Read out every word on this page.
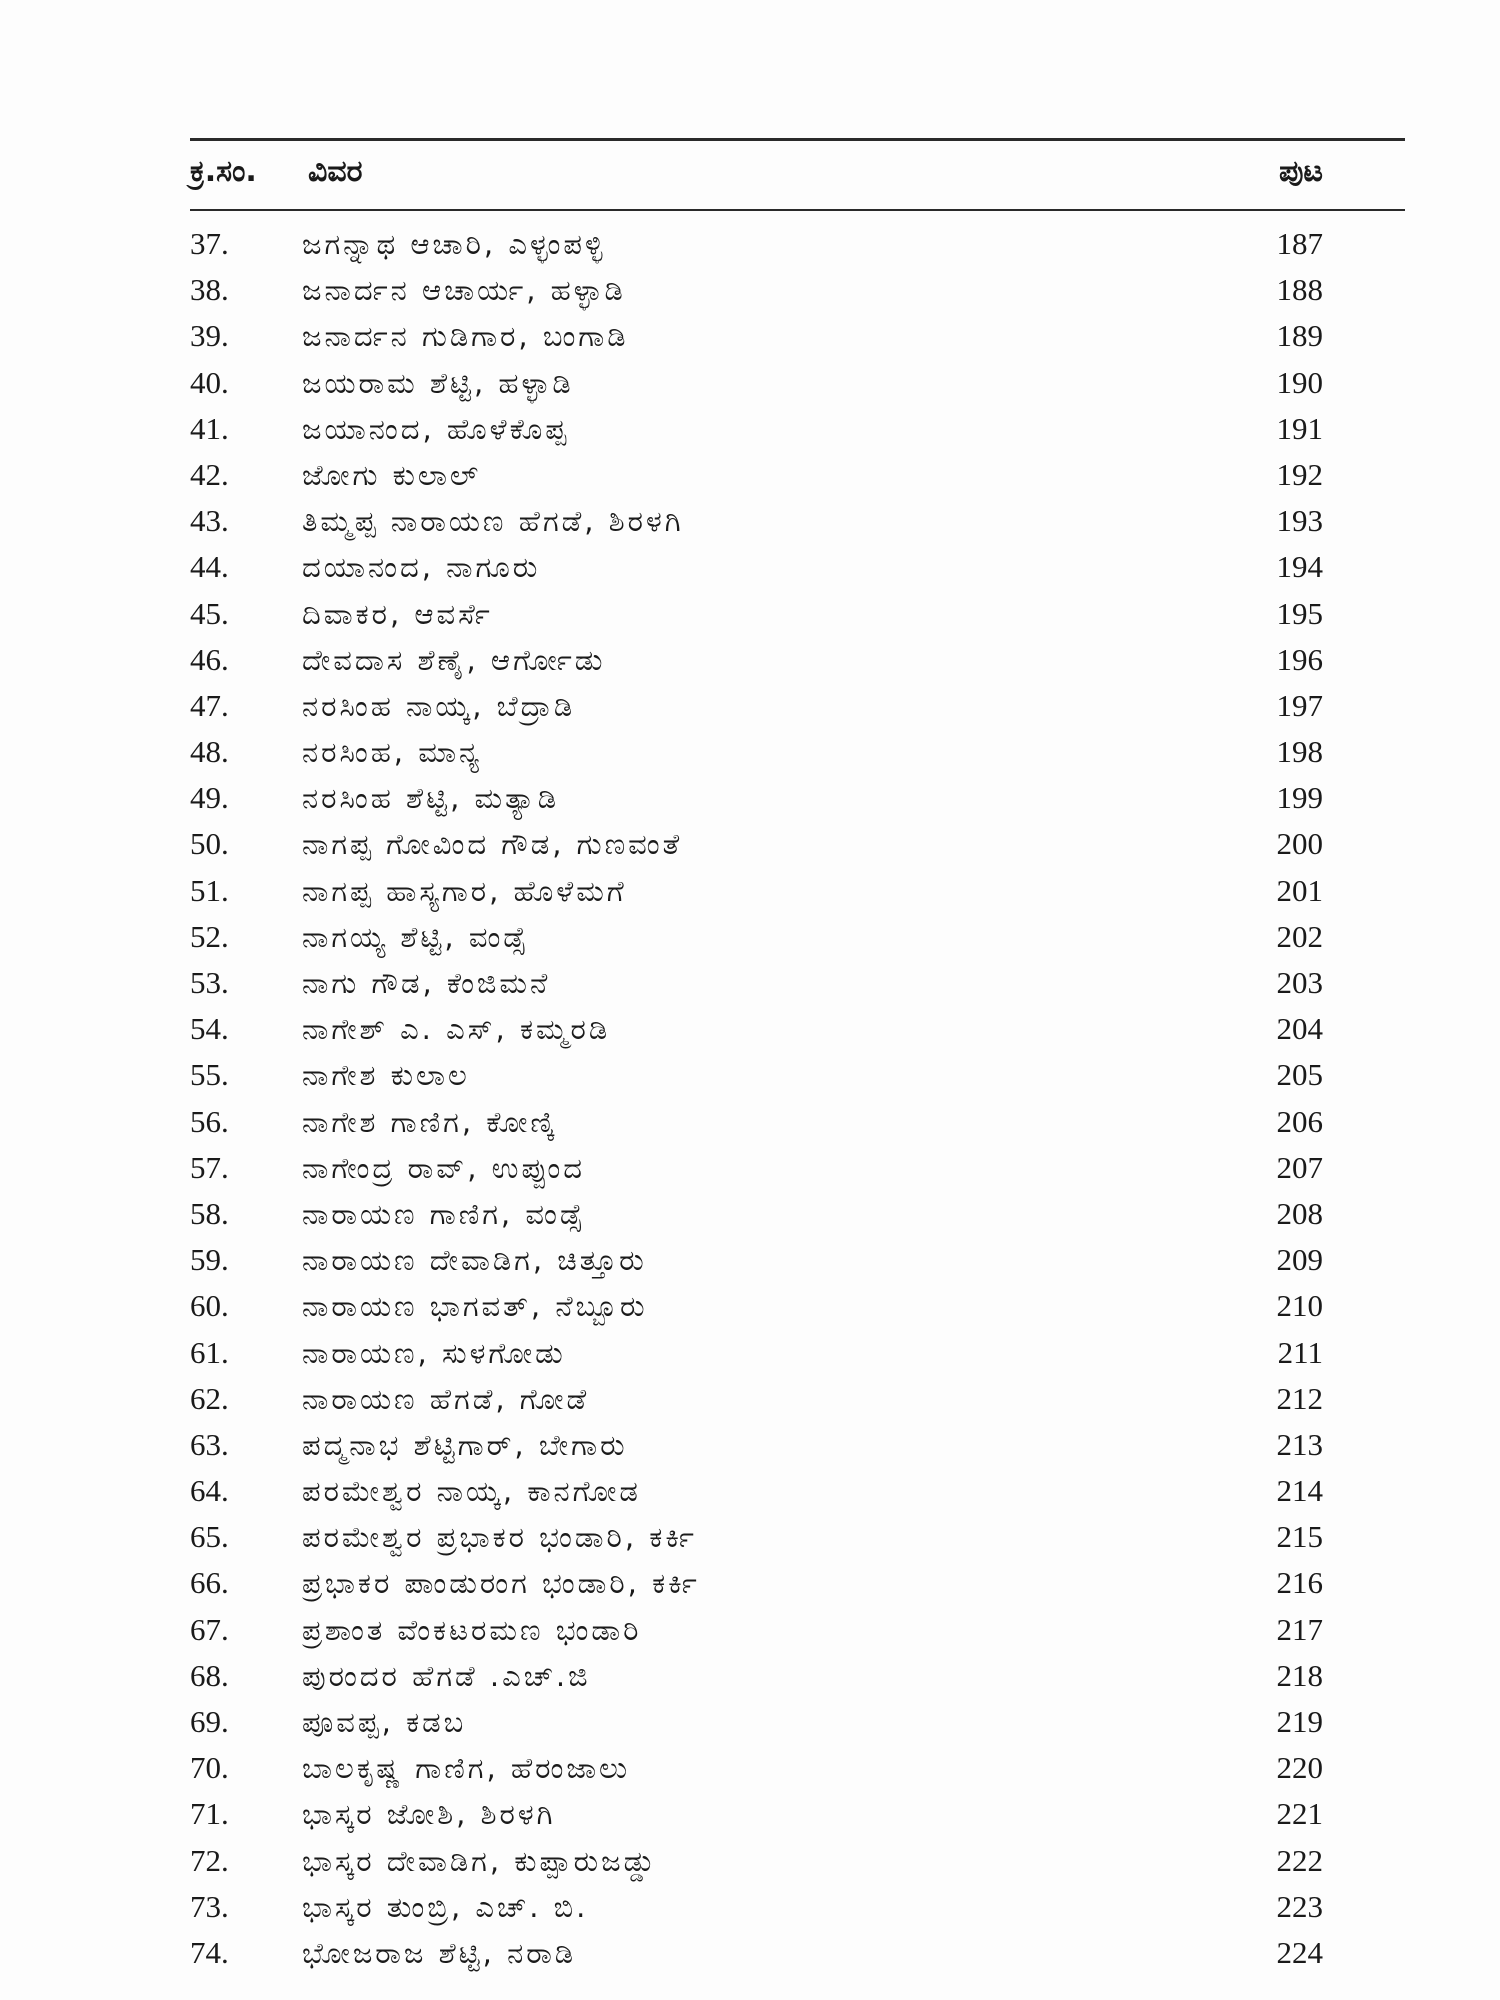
ಕ್ರ.ಸಂ. ವಿವರ	ಪುಟ
37.	ಜಗನ್ನಾಥ ಆಚಾರಿ, ಎಳ್ಳಂಪಳ್ಳಿ	187
38.	ಜನಾರ್ದನ ಆಚಾರ್ಯ, ಹಳ್ಳಾಡಿ	188
39.	ಜನಾರ್ದನ ಗುಡಿಗಾರ, ಬಂಗಾಡಿ	189
40.	ಜಯರಾಮ ಶೆಟ್ಟಿ, ಹಳ್ಳಾಡಿ	190
41.	ಜಯಾನಂದ, ಹೊಳೆಕೊಪ್ಪ	191
42.	ಜೋಗು ಕುಲಾಲ್	192
43.	ತಿಮ್ಮಪ್ಪ ನಾರಾಯಣ ಹೆಗಡೆ, ಶಿರಳಗಿ	193
44.	ದಯಾನಂದ, ನಾಗೂರು	194
45.	ದಿವಾಕರ, ಆವರ್ಸೆ	195
46.	ದೇವದಾಸ ಶೆಣೈ, ಆರ್ಗೋಡು	196
47.	ನರಸಿಂಹ ನಾಯ್ಕ, ಬೆದ್ರಾಡಿ	197
48.	ನರಸಿಂಹ, ಮಾನ್ಯ	198
49.	ನರಸಿಂಹ ಶೆಟ್ಟಿ, ಮತ್ಯಾಡಿ	199
50.	ನಾಗಪ್ಪ ಗೋವಿಂದ ಗೌಡ, ಗುಣವಂತೆ	200
51.	ನಾಗಪ್ಪ ಹಾಸ್ಯಗಾರ, ಹೊಳೆಮಗೆ	201
52.	ನಾಗಯ್ಯ ಶೆಟ್ಟಿ, ವಂಡ್ಸೆ	202
53.	ನಾಗು ಗೌಡ, ಕೆಂಜಿಮನೆ	203
54.	ನಾಗೇಶ್ ಎ. ಎಸ್, ಕಮ್ಮರಡಿ	204
55.	ನಾಗೇಶ ಕುಲಾಲ	205
56.	ನಾಗೇಶ ಗಾಣಿಗ, ಕೋಣ್ಕಿ	206
57.	ನಾಗೇಂದ್ರ ರಾವ್, ಉಪ್ಪುಂದ	207
58.	ನಾರಾಯಣ ಗಾಣಿಗ, ವಂಡ್ಸೆ	208
59.	ನಾರಾಯಣ ದೇವಾಡಿಗ, ಚಿತ್ತೂರು	209
60.	ನಾರಾಯಣ ಭಾಗವತ್, ನೆಬ್ಬೂರು	210
61.	ನಾರಾಯಣ, ಸುಳಗೋಡು	211
62.	ನಾರಾಯಣ ಹೆಗಡೆ, ಗೋಡೆ	212
63.	ಪದ್ಮನಾಭ ಶೆಟ್ಟಿಗಾರ್, ಬೇಗಾರು	213
64.	ಪರಮೇಶ್ವರ ನಾಯ್ಕ, ಕಾನಗೋಡ	214
65.	ಪರಮೇಶ್ವರ ಪ್ರಭಾಕರ ಭಂಡಾರಿ, ಕರ್ಕಿ	215
66.	ಪ್ರಭಾಕರ ಪಾಂಡುರಂಗ ಭಂಡಾರಿ, ಕರ್ಕಿ	216
67.	ಪ್ರಶಾಂತ ವೆಂಕಟರಮಣ ಭಂಡಾರಿ	217
68.	ಪುರಂದರ ಹೆಗಡೆ .ಎಚ್.ಜಿ	218
69.	ಪೂವಪ್ಪ, ಕಡಬ	219
70.	ಬಾಲಕೃಷ್ಣ ಗಾಣಿಗ, ಹೆರಂಜಾಲು	220
71.	ಭಾಸ್ಕರ ಜೋಶಿ, ಶಿರಳಗಿ	221
72.	ಭಾಸ್ಕರ ದೇವಾಡಿಗ, ಕುಪ್ಪಾರುಜಡ್ಡು	222
73.	ಭಾಸ್ಕರ ತುಂಬ್ರಿ, ಎಚ್. ಬಿ.	223
74.	ಭೋಜರಾಜ ಶೆಟ್ಟಿ, ನರಾಡಿ	224
